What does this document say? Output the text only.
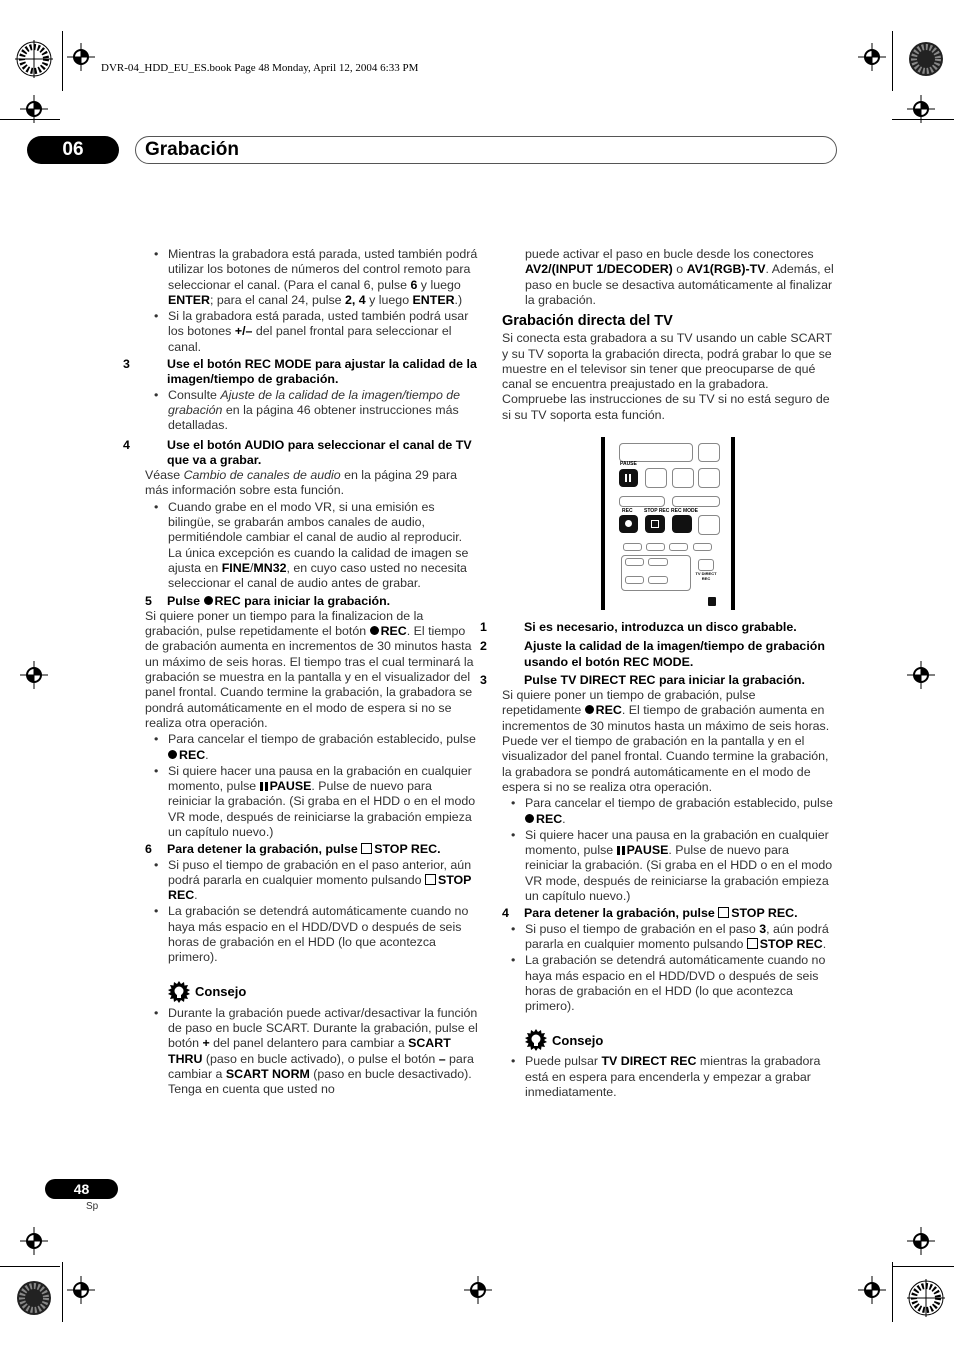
DVR-04_HDD_EU_ES.book Page 48 Monday, April 12, 2004 6:33 PM
06	Grabación

• Mientras la grabadora está parada, usted también podrá utilizar los botones de números del control remoto para seleccionar el canal. (Para el canal 6, pulse 6 y luego ENTER; para el canal 24, pulse 2, 4 y luego ENTER.)

• Si la grabadora está parada, usted también podrá usar los botones +/– del panel frontal para seleccionar el canal.

3	Use el botón REC MODE para ajustar la calidad de la imagen/tiempo de grabación.

• Consulte Ajuste de la calidad de la imagen/tiempo de grabación en la página 46 obtener instrucciones más detalladas.

4	Use el botón AUDIO para seleccionar el canal de TV que va a grabar.

Véase Cambio de canales de audio en la página 29 para más información sobre esta función.

• Cuando grabe en el modo VR, si una emisión es bilingüe, se grabarán ambos canales de audio, permitiéndole cambiar el canal de audio al reproducir. La única excepción es cuando la calidad de imagen se ajusta en FINE/MN32, en cuyo caso usted no necesita seleccionar el canal de audio antes de grabar.

5 Pulse REC para iniciar la grabación.

Si quiere poner un tiempo para la finalizacion de la grabación, pulse repetidamente el botón REC. El tiempo de grabación aumenta en incrementos de 30 minutos hasta un máximo de seis horas. El tiempo tras el cual terminará la grabación se muestra en la pantalla y en el visualizador del panel frontal. Cuando termine la grabación, la grabadora se pondrá automáticamente en el modo de espera si no se realiza otra operación.

• Para cancelar el tiempo de grabación establecido, pulse REC.

• Si quiere hacer una pausa en la grabación en cualquier momento, pulse PAUSE. Pulse de nuevo para reiniciar la grabación. (Si graba en el HDD o en el modo VR mode, después de reiniciarse la grabación empieza un capítulo nuevo.)

6 Para detener la grabación, pulse STOP REC.

• Si puso el tiempo de grabación en el paso anterior, aún podrá pararla en cualquier momento pulsando STOP REC.

• La grabación se detendrá automáticamente cuando no haya más espacio en el HDD/DVD o después de seis horas de grabación en el HDD (lo que acontezca primero).

Consejo

• Durante la grabación puede activar/desactivar la función de paso en bucle SCART. Durante la grabación, pulse el botón + del panel delantero para cambiar a SCART THRU (paso en bucle activado), o pulse el botón – para cambiar a SCART NORM (paso en bucle desactivado). Tenga en cuenta que usted no

puede activar el paso en bucle desde los conectores AV2/(INPUT 1/DECODER) o AV1(RGB)-TV. Además, el paso en bucle se desactiva automáticamente al finalizar la grabación.

Grabación directa del TV

Si conecta esta grabadora a su TV usando un cable SCART y su TV soporta la grabación directa, podrá grabar lo que se muestre en el televisor sin tener que preocuparse de qué canal se encuentra preajustado en la grabadora. Compruebe las instrucciones de su TV si no está seguro de si su TV soporta esta función.

PAUSE
REC STOP REC REC MODE
TV DIRECT REC

1	Si es necesario, introduzca un disco grabable.

2	Ajuste la calidad de la imagen/tiempo de grabación usando el botón REC MODE.

3	Pulse TV DIRECT REC para iniciar la grabación.

Si quiere poner un tiempo de grabación, pulse repetidamente REC. El tiempo de grabación aumenta en incrementos de 30 minutos hasta un máximo de seis horas. Puede ver el tiempo de grabación en la pantalla y en el visualizador del panel frontal. Cuando termine la grabación, la grabadora se pondrá automáticamente en el modo de espera si no se realiza otra operación.

• Para cancelar el tiempo de grabación establecido, pulse REC.

• Si quiere hacer una pausa en la grabación en cualquier momento, pulse PAUSE. Pulse de nuevo para reiniciar la grabación. (Si graba en el HDD o en el modo VR mode, después de reiniciarse la grabación empieza un capítulo nuevo.)

4 Para detener la grabación, pulse STOP REC.

• Si puso el tiempo de grabación en el paso 3, aún podrá pararla en cualquier momento pulsando STOP REC.

• La grabación se detendrá automáticamente cuando no haya más espacio en el HDD/DVD o después de seis horas de grabación en el HDD (lo que acontezca primero).

Consejo

• Puede pulsar TV DIRECT REC mientras la grabadora está en espera para encenderla y empezar a grabar inmediatamente.

48
Sp
